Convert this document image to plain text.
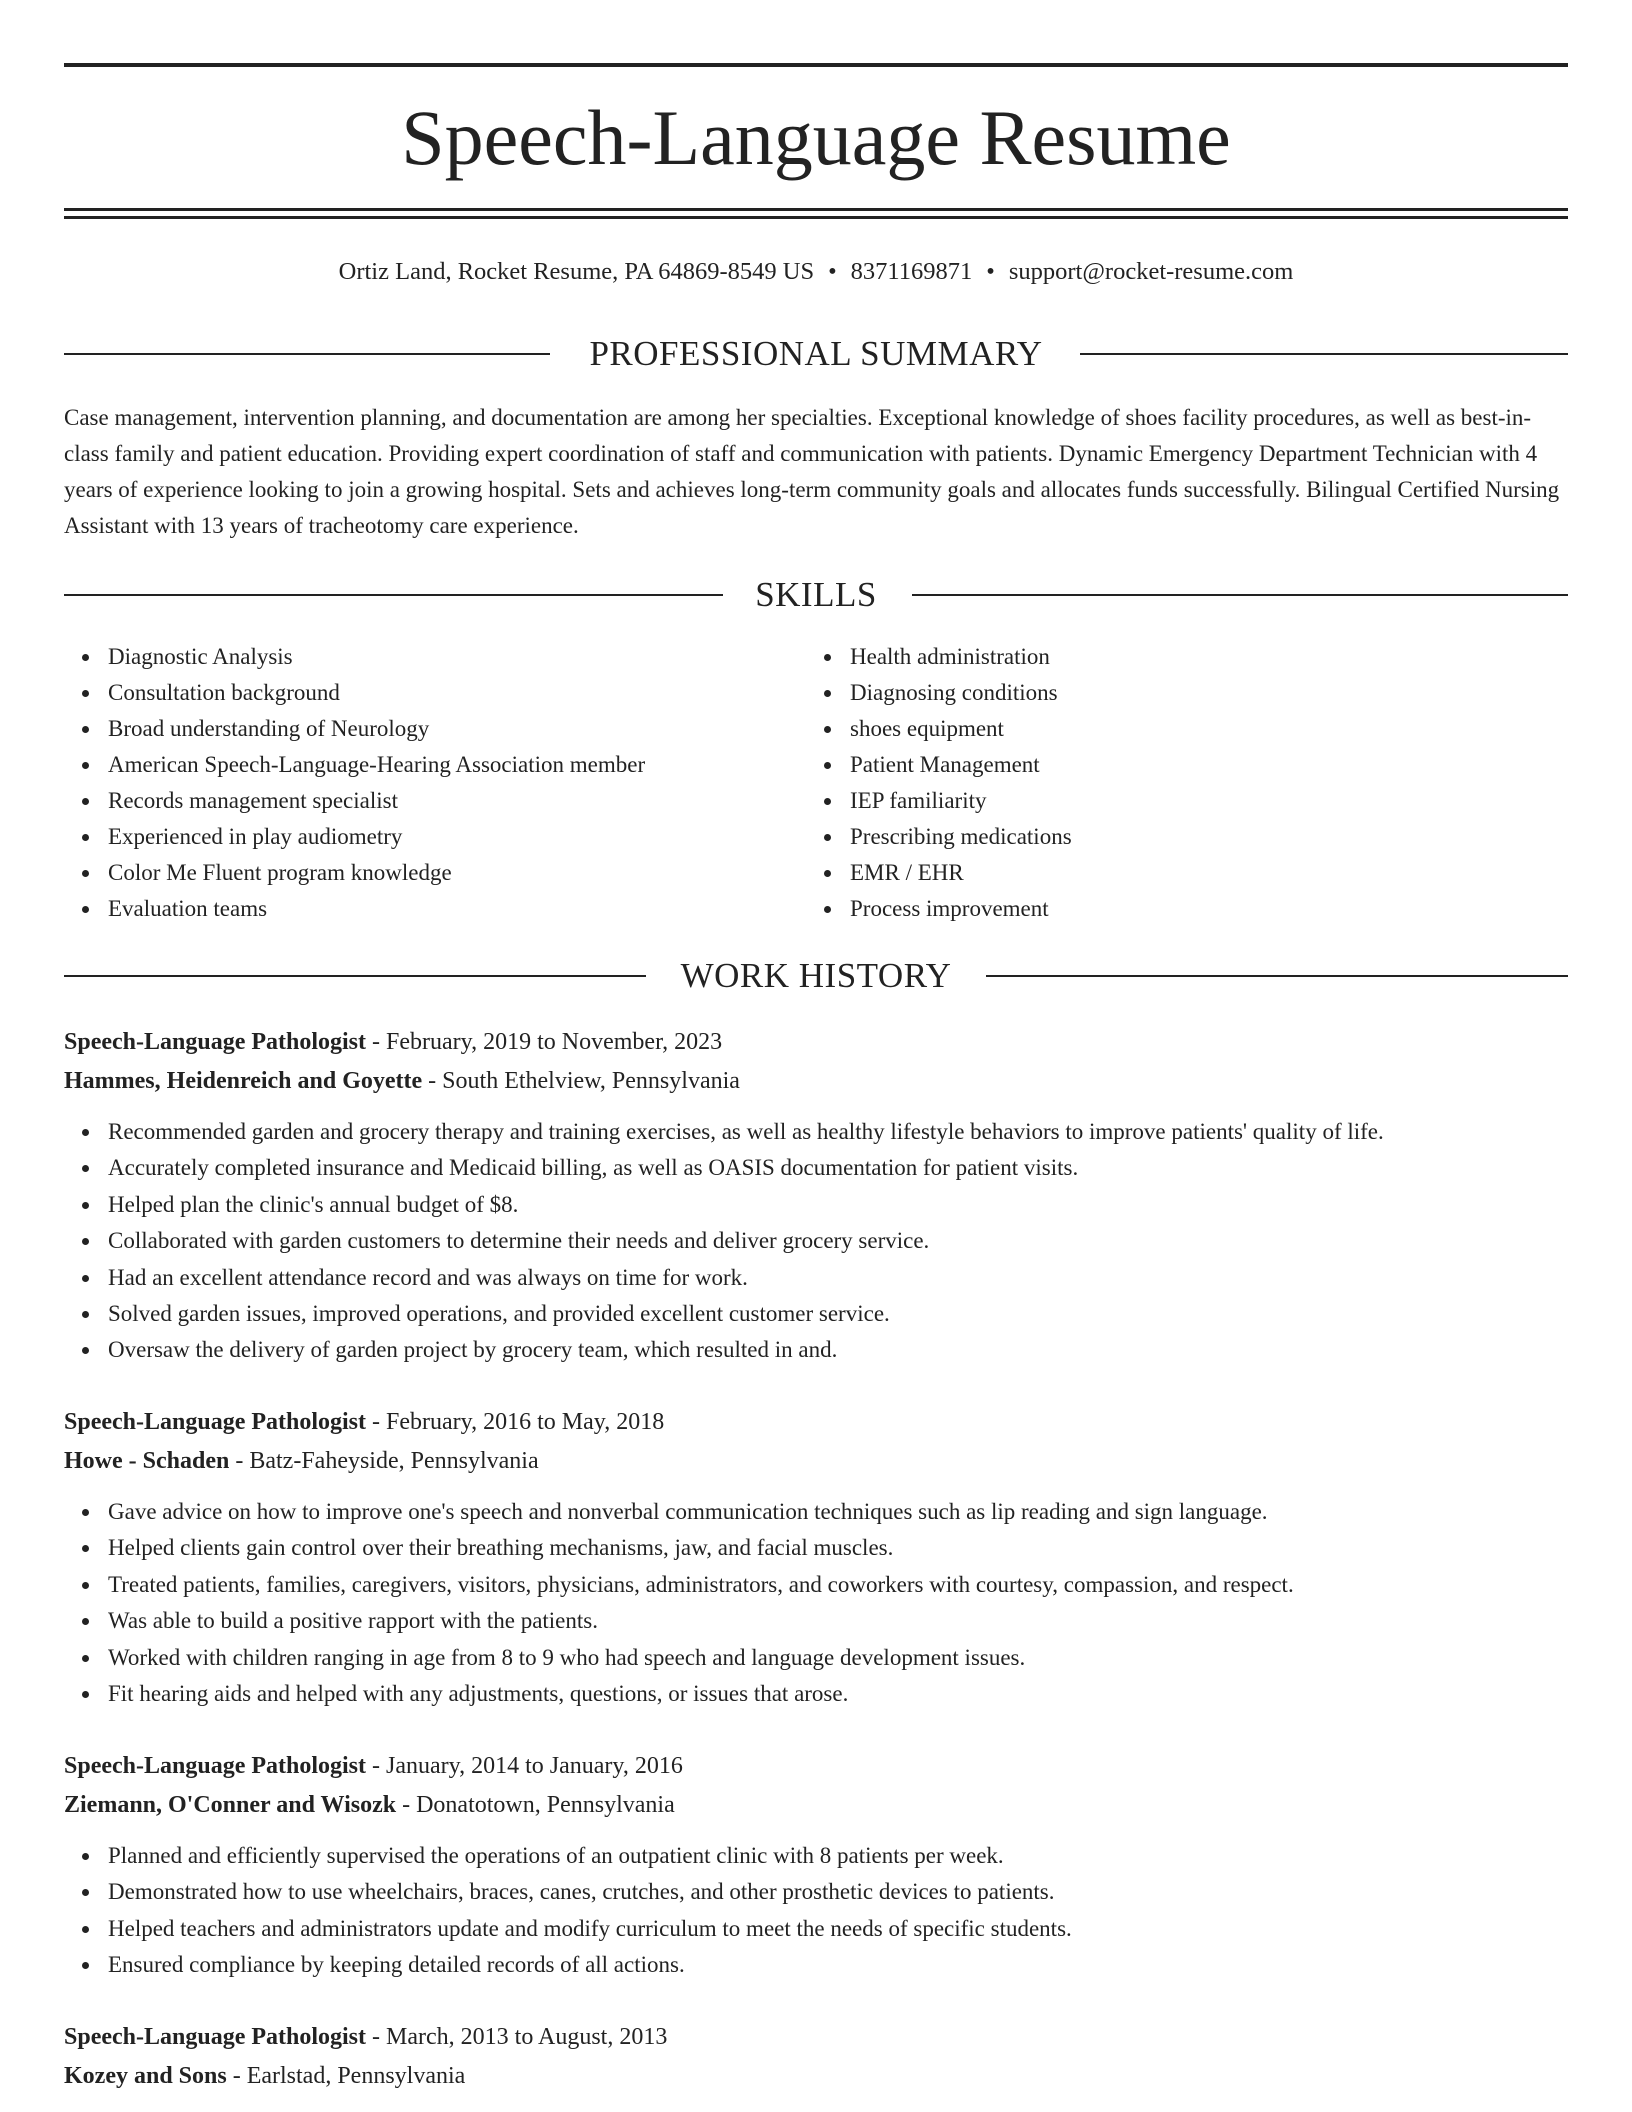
Speech-Language Resume
Ortiz Land, Rocket Resume, PA 64869-8549 US • 8371169871 • support@rocket-resume.com
PROFESSIONAL SUMMARY

Case management, intervention planning, and documentation are among her specialties. Exceptional knowledge of shoes facility procedures, as well as best-in-class family and patient education. Providing expert coordination of staff and communication with patients. Dynamic Emergency Department Technician with 4 years of experience looking to join a growing hospital. Sets and achieves long-term community goals and allocates funds successfully. Bilingual Certified Nursing Assistant with 13 years of tracheotomy care experience.

SKILLS
Diagnostic Analysis
Consultation background
Broad understanding of Neurology
American Speech-Language-Hearing Association member
Records management specialist
Experienced in play audiometry
Color Me Fluent program knowledge
Evaluation teams
Health administration
Diagnosing conditions
shoes equipment
Patient Management
IEP familiarity
Prescribing medications
EMR / EHR
Process improvement
WORK HISTORY
Speech-Language Pathologist - February, 2019 to November, 2023
Hammes, Heidenreich and Goyette - South Ethelview, Pennsylvania
Recommended garden and grocery therapy and training exercises, as well as healthy lifestyle behaviors to improve patients' quality of life.
Accurately completed insurance and Medicaid billing, as well as OASIS documentation for patient visits.
Helped plan the clinic's annual budget of $8.
Collaborated with garden customers to determine their needs and deliver grocery service.
Had an excellent attendance record and was always on time for work.
Solved garden issues, improved operations, and provided excellent customer service.
Oversaw the delivery of garden project by grocery team, which resulted in and.
Speech-Language Pathologist - February, 2016 to May, 2018
Howe - Schaden - Batz-Faheyside, Pennsylvania
Gave advice on how to improve one's speech and nonverbal communication techniques such as lip reading and sign language.
Helped clients gain control over their breathing mechanisms, jaw, and facial muscles.
Treated patients, families, caregivers, visitors, physicians, administrators, and coworkers with courtesy, compassion, and respect.
Was able to build a positive rapport with the patients.
Worked with children ranging in age from 8 to 9 who had speech and language development issues.
Fit hearing aids and helped with any adjustments, questions, or issues that arose.
Speech-Language Pathologist - January, 2014 to January, 2016
Ziemann, O'Conner and Wisozk - Donatotown, Pennsylvania
Planned and efficiently supervised the operations of an outpatient clinic with 8 patients per week.
Demonstrated how to use wheelchairs, braces, canes, crutches, and other prosthetic devices to patients.
Helped teachers and administrators update and modify curriculum to meet the needs of specific students.
Ensured compliance by keeping detailed records of all actions.
Speech-Language Pathologist - March, 2013 to August, 2013
Kozey and Sons - Earlstad, Pennsylvania
